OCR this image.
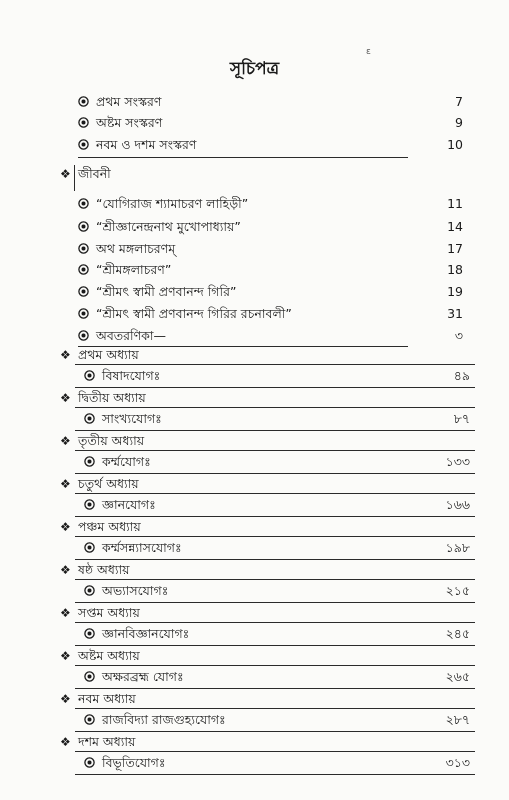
সূচিপত্র
ε
প্রথম সংস্করণ	7
অষ্টম সংস্করণ	9
নবম ও দশম সংস্করণ	10
❖ জীবনী
“যোগিরাজ শ্যামাচরণ লাহিড়ী”	11
“শ্রীজ্ঞানেন্দ্রনাথ মুখোপাধ্যায়”	14
অথ মঙ্গলাচরণম্	17
“শ্রীমঙ্গলাচরণ”	18
“শ্রীমৎ স্বামী প্রণবানন্দ গিরি”	19
“শ্রীমৎ স্বামী প্রণবানন্দ গিরির রচনাবলী”	31
অবতরণিকা—	৩
❖ প্রথম অধ্যায়
বিষাদযোগঃ	৪৯
❖ দ্বিতীয় অধ্যায়
সাংখ্যযোগঃ	৮৭
❖ তৃতীয় অধ্যায়
কৰ্ম্মযোগঃ	১৩৩
❖ চতুর্থ অধ্যায়
জ্ঞানযোগঃ	১৬৬
❖ পঞ্চম অধ্যায়
কর্ম্মসন্ন্যাসযোগঃ	১৯৮
❖ ষষ্ঠ অধ্যায়
অভ্যাসযোগঃ	২১৫
❖ সপ্তম অধ্যায়
জ্ঞানবিজ্ঞানযোগঃ	২৪৫
❖ অষ্টম অধ্যায়
অক্ষরব্রহ্ম যোগঃ	২৬৫
❖ নবম অধ্যায়
রাজবিদ্যা রাজগুহ্যযোগঃ	২৮৭
❖ দশম অধ্যায়
বিভূতিযোগঃ	৩১৩
